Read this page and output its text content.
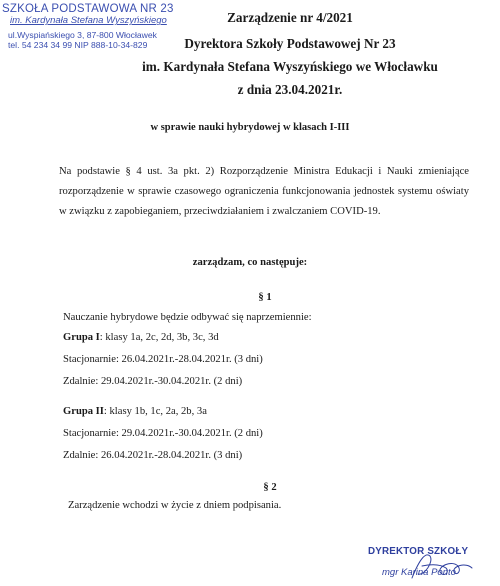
SZKOŁA PODSTAWOWA NR 23
im. Kardynała Stefana Wyszyńskiego
ul.Wyspiańskiego 3, 87-800 Włocławek
tel. 54 234 34 99 NIP 888-10-34-829
Zarządzenie nr 4/2021
Dyrektora Szkoły Podstawowej Nr 23
im. Kardynała Stefana Wyszyńskiego we Włocławku
z dnia 23.04.2021r.
w sprawie nauki hybrydowej w klasach I-III
Na podstawie § 4 ust. 3a pkt. 2) Rozporządzenie Ministra Edukacji i Nauki zmieniające rozporządzenie w sprawie czasowego ograniczenia funkcjonowania jednostek systemu oświaty w związku z zapobieganiem, przeciwdziałaniem i zwalczaniem COVID-19.
zarządzam, co następuje:
§ 1
Nauczanie hybrydowe będzie odbywać się naprzemiennie:
Grupa I: klasy 1a, 2c, 2d, 3b, 3c, 3d
Stacjonarnie: 26.04.2021r.-28.04.2021r. (3 dni)
Zdalnie: 29.04.2021r.-30.04.2021r. (2 dni)
Grupa II: klasy 1b, 1c, 2a, 2b, 3a
Stacjonarnie: 29.04.2021r.-30.04.2021r. (2 dni)
Zdalnie: 26.04.2021r.-28.04.2021r. (3 dni)
§ 2
Zarządzenie wchodzi w życie z dniem podpisania.
DYREKTOR SZKOŁY
mgr Karina Ponto
